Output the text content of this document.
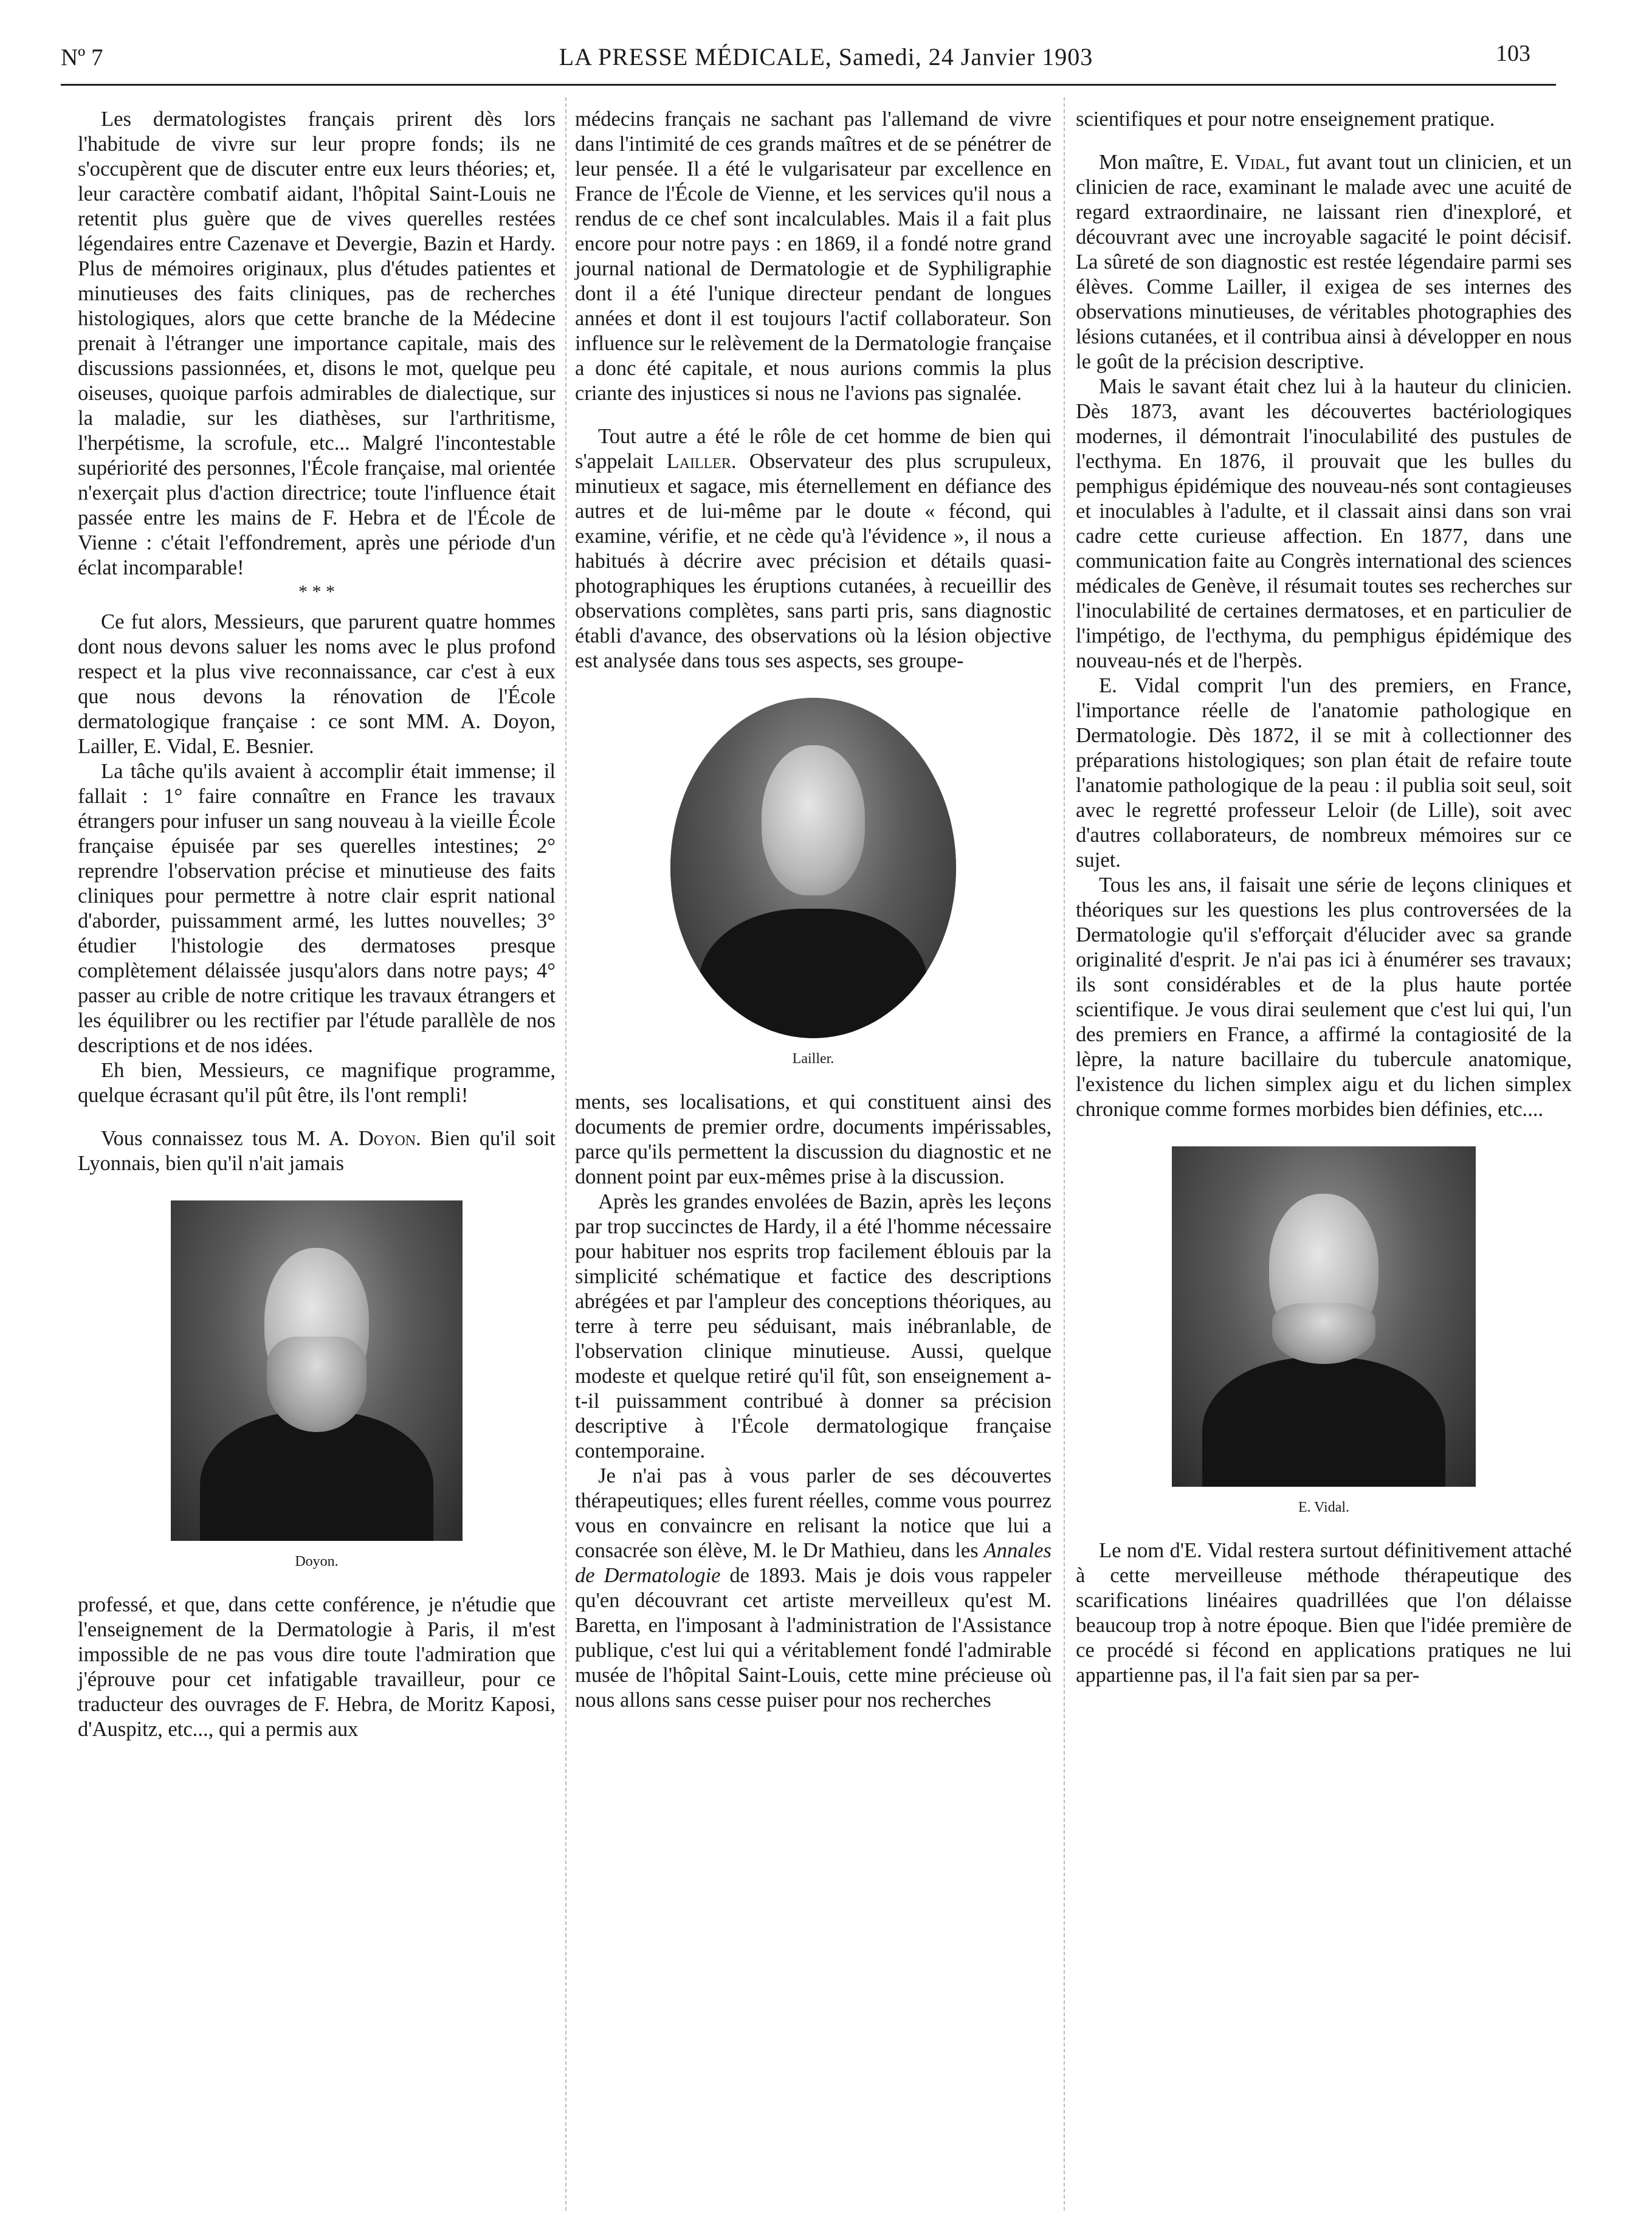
Nº 7	LA PRESSE MÉDICALE, Samedi, 24 Janvier 1903	103

Les dermatologistes français prirent dès lors l'habitude de vivre sur leur propre fonds; ils ne s'occupèrent que de discuter entre eux leurs théories; et, leur caractère combatif aidant, l'hôpital Saint-Louis ne retentit plus guère que de vives querelles restées légendaires entre Cazenave et Devergie, Bazin et Hardy. Plus de mémoires originaux, plus d'études patientes et minutieuses des faits cliniques, pas de recherches histologiques, alors que cette branche de la Médecine prenait à l'étranger une importance capitale, mais des discussions passionnées, et, disons le mot, quelque peu oiseuses, quoique parfois admirables de dialectique, sur la maladie, sur les diathèses, sur l'arthritisme, l'herpétisme, la scrofule, etc... Malgré l'incontestable supériorité des personnes, l'École française, mal orientée n'exerçait plus d'action directrice; toute l'influence était passée entre les mains de F. Hebra et de l'École de Vienne : c'était l'effondrement, après une période d'un éclat incomparable!

* * *

Ce fut alors, Messieurs, que parurent quatre hommes dont nous devons saluer les noms avec le plus profond respect et la plus vive reconnaissance, car c'est à eux que nous devons la rénovation de l'École dermatologique française : ce sont MM. A. Doyon, Lailler, E. Vidal, E. Besnier.

La tâche qu'ils avaient à accomplir était immense; il fallait : 1° faire connaître en France les travaux étrangers pour infuser un sang nouveau à la vieille École française épuisée par ses querelles intestines; 2° reprendre l'observation précise et minutieuse des faits cliniques pour permettre à notre clair esprit national d'aborder, puissamment armé, les luttes nouvelles; 3° étudier l'histologie des dermatoses presque complètement délaissée jusqu'alors dans notre pays; 4° passer au crible de notre critique les travaux étrangers et les équilibrer ou les rectifier par l'étude parallèle de nos descriptions et de nos idées.

Eh bien, Messieurs, ce magnifique programme, quelque écrasant qu'il pût être, ils l'ont rempli!

Vous connaissez tous M. A. Doyon. Bien qu'il soit Lyonnais, bien qu'il n'ait jamais

Doyon.

professé, et que, dans cette conférence, je n'étudie que l'enseignement de la Dermatologie à Paris, il m'est impossible de ne pas vous dire toute l'admiration que j'éprouve pour cet infatigable travailleur, pour ce traducteur des ouvrages de F. Hebra, de Moritz Kaposi, d'Auspitz, etc..., qui a permis aux

médecins français ne sachant pas l'allemand de vivre dans l'intimité de ces grands maîtres et de se pénétrer de leur pensée. Il a été le vulgarisateur par excellence en France de l'École de Vienne, et les services qu'il nous a rendus de ce chef sont incalculables. Mais il a fait plus encore pour notre pays : en 1869, il a fondé notre grand journal national de Dermatologie et de Syphiligraphie dont il a été l'unique directeur pendant de longues années et dont il est toujours l'actif collaborateur. Son influence sur le relèvement de la Dermatologie française a donc été capitale, et nous aurions commis la plus criante des injustices si nous ne l'avions pas signalée.

Tout autre a été le rôle de cet homme de bien qui s'appelait Lailler. Observateur des plus scrupuleux, minutieux et sagace, mis éternellement en défiance des autres et de lui-même par le doute « fécond, qui examine, vérifie, et ne cède qu'à l'évidence », il nous a habitués à décrire avec précision et détails quasi-photographiques les éruptions cutanées, à recueillir des observations complètes, sans parti pris, sans diagnostic établi d'avance, des observations où la lésion objective est analysée dans tous ses aspects, ses groupe-

Lailler.

ments, ses localisations, et qui constituent ainsi des documents de premier ordre, documents impérissables, parce qu'ils permettent la discussion du diagnostic et ne donnent point par eux-mêmes prise à la discussion.

Après les grandes envolées de Bazin, après les leçons par trop succinctes de Hardy, il a été l'homme nécessaire pour habituer nos esprits trop facilement éblouis par la simplicité schématique et factice des descriptions abrégées et par l'ampleur des conceptions théoriques, au terre à terre peu séduisant, mais inébranlable, de l'observation clinique minutieuse. Aussi, quelque modeste et quelque retiré qu'il fût, son enseignement a-t-il puissamment contribué à donner sa précision descriptive à l'École dermatologique française contemporaine.

Je n'ai pas à vous parler de ses découvertes thérapeutiques; elles furent réelles, comme vous pourrez vous en convaincre en relisant la notice que lui a consacrée son élève, M. le Dr Mathieu, dans les Annales de Dermatologie de 1893. Mais je dois vous rappeler qu'en découvrant cet artiste merveilleux qu'est M. Baretta, en l'imposant à l'administration de l'Assistance publique, c'est lui qui a véritablement fondé l'admirable musée de l'hôpital Saint-Louis, cette mine précieuse où nous allons sans cesse puiser pour nos recherches

scientifiques et pour notre enseignement pratique.

Mon maître, E. Vidal, fut avant tout un clinicien, et un clinicien de race, examinant le malade avec une acuité de regard extraordinaire, ne laissant rien d'inexploré, et découvrant avec une incroyable sagacité le point décisif. La sûreté de son diagnostic est restée légendaire parmi ses élèves. Comme Lailler, il exigea de ses internes des observations minutieuses, de véritables photographies des lésions cutanées, et il contribua ainsi à développer en nous le goût de la précision descriptive.

Mais le savant était chez lui à la hauteur du clinicien. Dès 1873, avant les découvertes bactériologiques modernes, il démontrait l'inoculabilité des pustules de l'ecthyma. En 1876, il prouvait que les bulles du pemphigus épidémique des nouveau-nés sont contagieuses et inoculables à l'adulte, et il classait ainsi dans son vrai cadre cette curieuse affection. En 1877, dans une communication faite au Congrès international des sciences médicales de Genève, il résumait toutes ses recherches sur l'inoculabilité de certaines dermatoses, et en particulier de l'impétigo, de l'ecthyma, du pemphigus épidémique des nouveau-nés et de l'herpès.

E. Vidal comprit l'un des premiers, en France, l'importance réelle de l'anatomie pathologique en Dermatologie. Dès 1872, il se mit à collectionner des préparations histologiques; son plan était de refaire toute l'anatomie pathologique de la peau : il publia soit seul, soit avec le regretté professeur Leloir (de Lille), soit avec d'autres collaborateurs, de nombreux mémoires sur ce sujet.

Tous les ans, il faisait une série de leçons cliniques et théoriques sur les questions les plus controversées de la Dermatologie qu'il s'efforçait d'élucider avec sa grande originalité d'esprit. Je n'ai pas ici à énumérer ses travaux; ils sont considérables et de la plus haute portée scientifique. Je vous dirai seulement que c'est lui qui, l'un des premiers en France, a affirmé la contagiosité de la lèpre, la nature bacillaire du tubercule anatomique, l'existence du lichen simplex aigu et du lichen simplex chronique comme formes morbides bien définies, etc....

E. Vidal.

Le nom d'E. Vidal restera surtout définitivement attaché à cette merveilleuse méthode thérapeutique des scarifications linéaires quadrillées que l'on délaisse beaucoup trop à notre époque. Bien que l'idée première de ce procédé si fécond en applications pratiques ne lui appartienne pas, il l'a fait sien par sa per-
